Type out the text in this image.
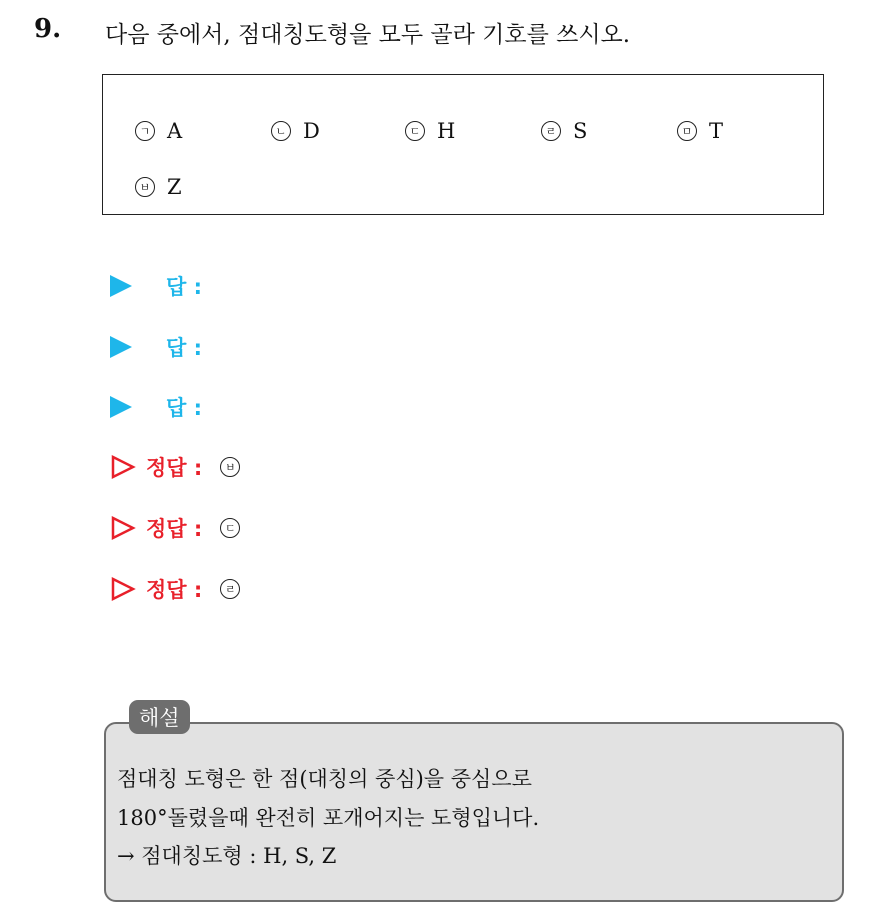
9. 다음 중에서, 점대칭도형을 모두 골라 기호를 쓰시오.
ㄱ A	ㄴ D	ㄷ H	ㄹ S	ㅁ T
ㅂ Z
답 :
답 :
답 :
정답 :	ㅂ
정답 :	ㄷ
정답 :	ㄹ
해설
점대칭 도형은 한 점(대칭의 중심)을 중심으로
180°돌렸을때 완전히 포개어지는 도형입니다.
→ 점대칭도형 : H, S, Z
